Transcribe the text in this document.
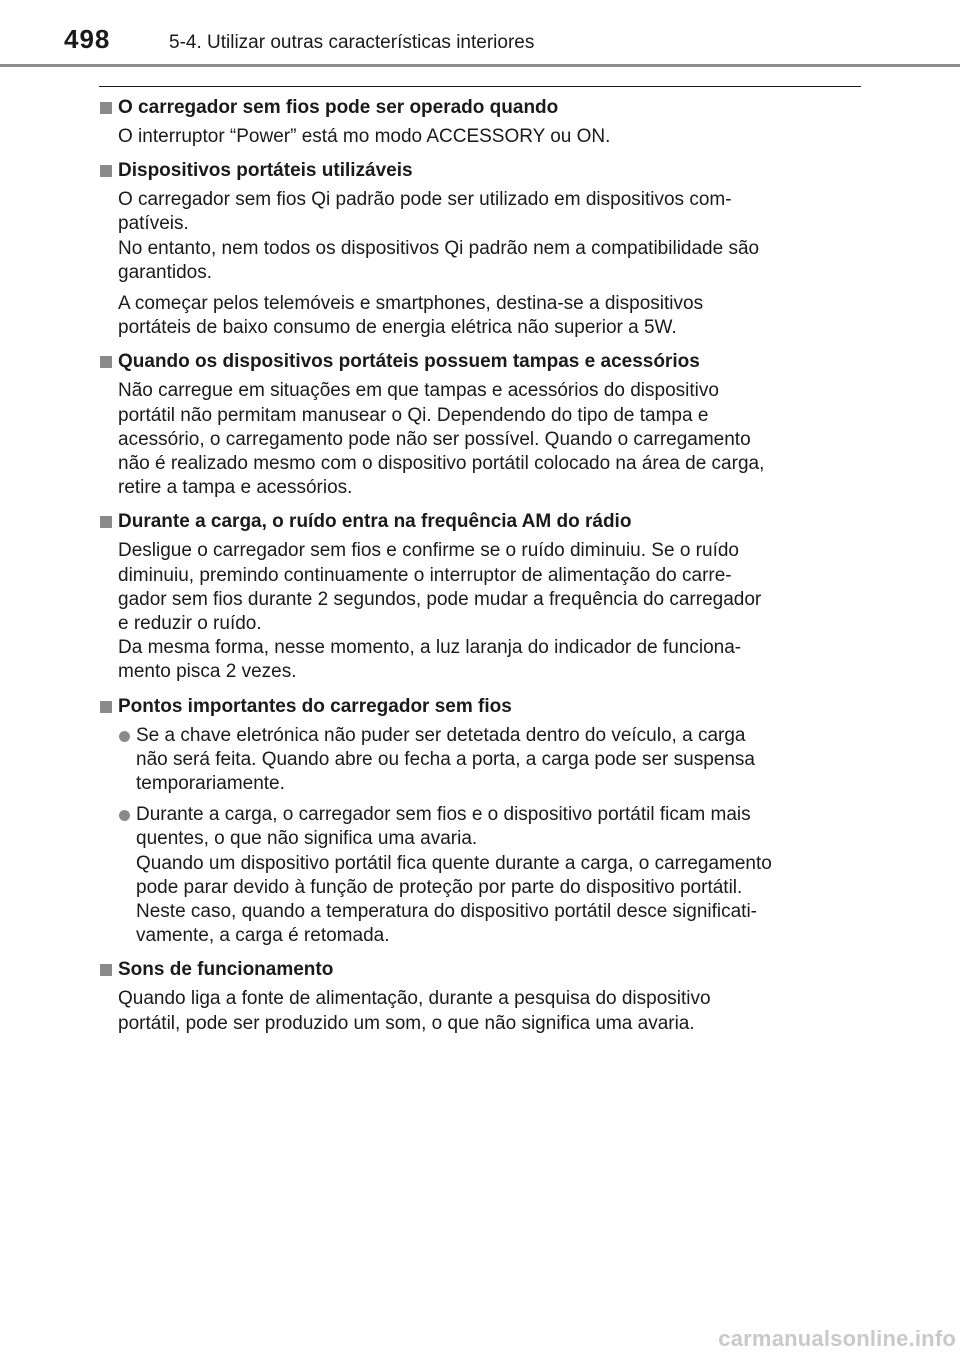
498	5-4. Utilizar outras características interiores
O carregador sem fios pode ser operado quando

O interruptor “Power” está mo modo ACCESSORY ou ON.

Dispositivos portáteis utilizáveis

O carregador sem fios Qi padrão pode ser utilizado em dispositivos com-
patíveis.
No entanto, nem todos os dispositivos Qi padrão nem a compatibilidade são
garantidos.

A começar pelos telemóveis e smartphones, destina-se a dispositivos
portáteis de baixo consumo de energia elétrica não superior a 5W.

Quando os dispositivos portáteis possuem tampas e acessórios

Não carregue em situações em que tampas e acessórios do dispositivo
portátil não permitam manusear o Qi. Dependendo do tipo de tampa e
acessório, o carregamento pode não ser possível. Quando o carregamento
não é realizado mesmo com o dispositivo portátil colocado na área de carga,
retire a tampa e acessórios.

Durante a carga, o ruído entra na frequência AM do rádio

Desligue o carregador sem fios e confirme se o ruído diminuiu. Se o ruído
diminuiu, premindo continuamente o interruptor de alimentação do carre-
gador sem fios durante 2 segundos, pode mudar a frequência do carregador
e reduzir o ruído.
Da mesma forma, nesse momento, a luz laranja do indicador de funciona-
mento pisca 2 vezes.

Pontos importantes do carregador sem fios
Se a chave eletrónica não puder ser detetada dentro do veículo, a carga
não será feita. Quando abre ou fecha a porta, a carga pode ser suspensa
temporariamente.
Durante a carga, o carregador sem fios e o dispositivo portátil ficam mais
quentes, o que não significa uma avaria.
Quando um dispositivo portátil fica quente durante a carga, o carregamento
pode parar devido à função de proteção por parte do dispositivo portátil.
Neste caso, quando a temperatura do dispositivo portátil desce significati-
vamente, a carga é retomada.
Sons de funcionamento

Quando liga a fonte de alimentação, durante a pesquisa do dispositivo
portátil, pode ser produzido um som, o que não significa uma avaria.

carmanualsonline.info
